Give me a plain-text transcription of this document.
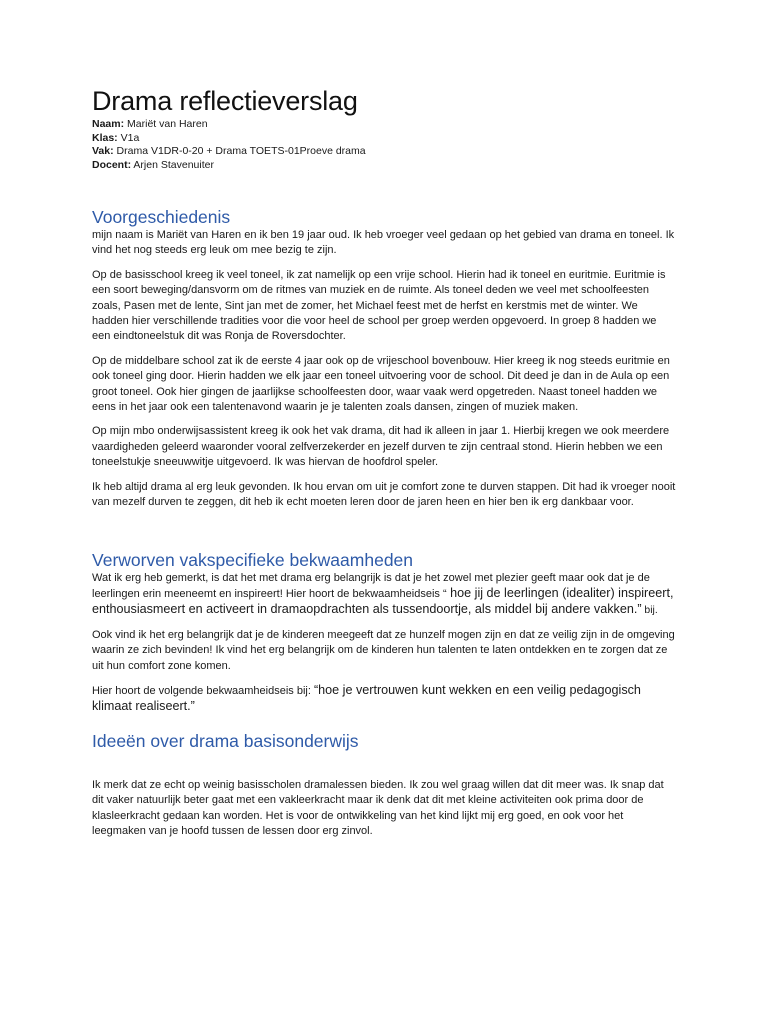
Drama reflectieverslag
Naam: Mariët van Haren
Klas: V1a
Vak: Drama V1DR-0-20 + Drama TOETS-01Proeve drama
Docent: Arjen Stavenuiter
Voorgeschiedenis

mijn naam is Mariët van Haren en ik ben 19 jaar oud. Ik heb vroeger veel gedaan op het gebied van drama en toneel. Ik vind het nog steeds erg leuk om mee bezig te zijn.

Op de basisschool kreeg ik veel toneel, ik zat namelijk op een vrije school. Hierin had ik toneel en euritmie. Euritmie is een soort beweging/dansvorm om de ritmes van muziek en de ruimte. Als toneel deden we veel met schoolfeesten zoals, Pasen met de lente, Sint jan met de zomer, het Michael feest met de herfst en kerstmis met de winter. We hadden hier verschillende tradities voor die voor heel de school per groep werden opgevoerd. In groep 8 hadden we een eindtoneelstuk dit was Ronja de Roversdochter.

Op de middelbare school zat ik de eerste 4 jaar ook op de vrijeschool bovenbouw. Hier kreeg ik nog steeds euritmie en ook toneel ging door. Hierin hadden we elk jaar een toneel uitvoering voor de school. Dit deed je dan in de Aula op een groot toneel. Ook hier gingen de jaarlijkse schoolfeesten door, waar vaak werd opgetreden. Naast toneel hadden we eens in het jaar ook een talentenavond waarin je je talenten zoals dansen, zingen of muziek maken.

Op mijn mbo onderwijsassistent kreeg ik ook het vak drama, dit had ik alleen in jaar 1. Hierbij kregen we ook meerdere vaardigheden geleerd waaronder vooral zelfverzekerder en jezelf durven te zijn centraal stond. Hierin hebben we een toneelstukje sneeuwwitje uitgevoerd. Ik was hiervan de hoofdrol speler.

Ik heb altijd drama al erg leuk gevonden. Ik hou ervan om uit je comfort zone te durven stappen. Dit had ik vroeger nooit van mezelf durven te zeggen, dit heb ik echt moeten leren door de jaren heen en hier ben ik erg dankbaar voor.

Verworven vakspecifieke bekwaamheden

Wat ik erg heb gemerkt, is dat het met drama erg belangrijk is dat je het zowel met plezier geeft maar ook dat je de leerlingen erin meeneemt en inspireert! Hier hoort de bekwaamheidseis “ hoe jij de leerlingen (idealiter) inspireert, enthousiasmeert en activeert in dramaopdrachten als tussendoortje, als middel bij andere vakken.” bij.

Ook vind ik het erg belangrijk dat je de kinderen meegeeft dat ze hunzelf mogen zijn en dat ze veilig zijn in de omgeving waarin ze zich bevinden! Ik vind het erg belangrijk om de kinderen hun talenten te laten ontdekken en te zorgen dat ze uit hun comfort zone komen.

Hier hoort de volgende bekwaamheidseis bij: “hoe je vertrouwen kunt wekken en een veilig pedagogisch klimaat realiseert.”

Ideeën over drama basisonderwijs

Ik merk dat ze echt op weinig basisscholen dramalessen bieden. Ik zou wel graag willen dat dit meer was. Ik snap dat dit vaker natuurlijk beter gaat met een vakleerkracht maar ik denk dat dit met kleine activiteiten ook prima door de klasleerkracht gedaan kan worden. Het is voor de ontwikkeling van het kind lijkt mij erg goed, en ook voor het leegmaken van je hoofd tussen de lessen door erg zinvol.
